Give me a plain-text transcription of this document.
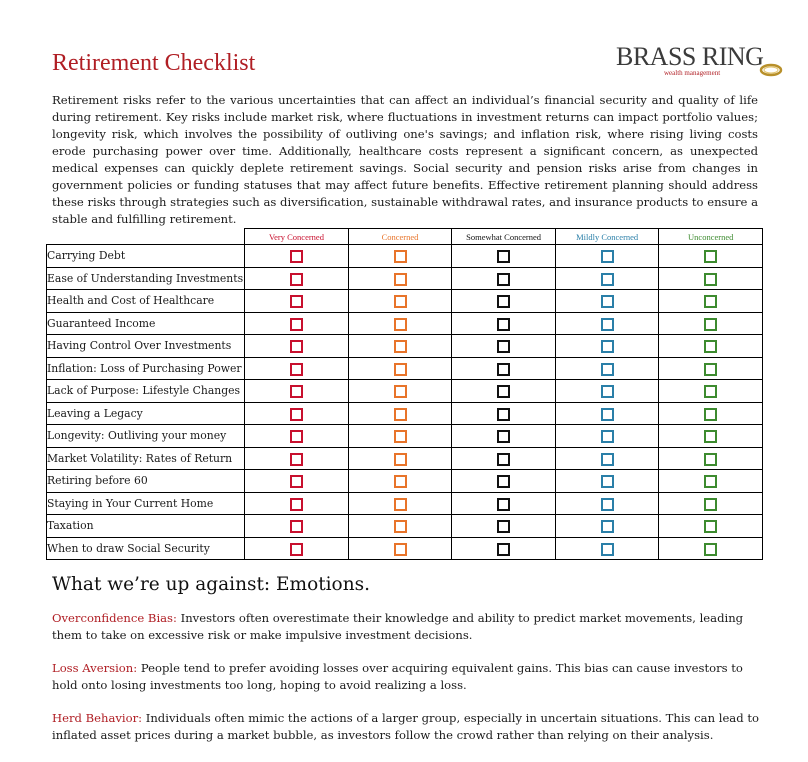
Retirement Checklist	BRASS RING
wealth management
Retirement risks refer to the various uncertainties that can affect an individual’s financial security and quality of life during retirement. Key risks include market risk, where fluctuations in investment returns can impact portfolio values; longevity risk, which involves the possibility of outliving one's savings; and inflation risk, where rising living costs erode purchasing power over time. Additionally, healthcare costs represent a significant concern, as unexpected medical expenses can quickly deplete retirement savings. Social security and pension risks arise from changes in government policies or funding statuses that may affect future benefits. Effective retirement planning should address these risks through strategies such as diversification, sustainable withdrawal rates, and insurance products to ensure a stable and fulfilling retirement.
	Very Concerned	Concerned	Somewhat Concerned	Mildly Concerned	Unconcerned
Carrying Debt					
Ease of Understanding Investments					
Health and Cost of Healthcare					
Guaranteed Income					
Having Control Over Investments					
Inflation: Loss of Purchasing Power					
Lack of Purpose: Lifestyle Changes					
Leaving a Legacy					
Longevity: Outliving your money					
Market Volatility: Rates of Return					
Retiring before 60					
Staying in Your Current Home					
Taxation					
When to draw Social Security					
What we’re up against: Emotions.
Overconfidence Bias: Investors often overestimate their knowledge and ability to predict market movements, leading them to take on excessive risk or make impulsive investment decisions.
Loss Aversion: People tend to prefer avoiding losses over acquiring equivalent gains. This bias can cause investors to hold onto losing investments too long, hoping to avoid realizing a loss.
Herd Behavior: Individuals often mimic the actions of a larger group, especially in uncertain situations. This can lead to inflated asset prices during a market bubble, as investors follow the crowd rather than relying on their analysis.
